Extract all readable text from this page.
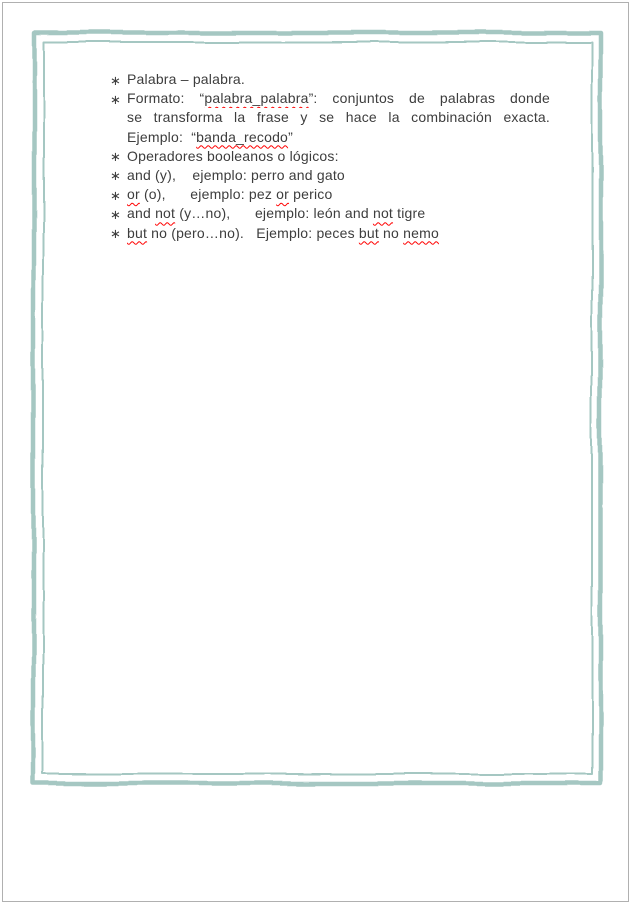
∗ Palabra – palabra.
∗ Formato: “palabra_palabra”: conjuntos de palabras donde
se transforma la frase y se hace la combinación exacta.
Ejemplo:  “banda_recodo”
∗ Operadores booleanos o lógicos:
∗ and (y),    ejemplo: perro and gato
∗ or (o),      ejemplo: pez or perico
∗ and not (y…no),      ejemplo: león and not tigre
∗ but no (pero…no).   Ejemplo: peces but no nemo
